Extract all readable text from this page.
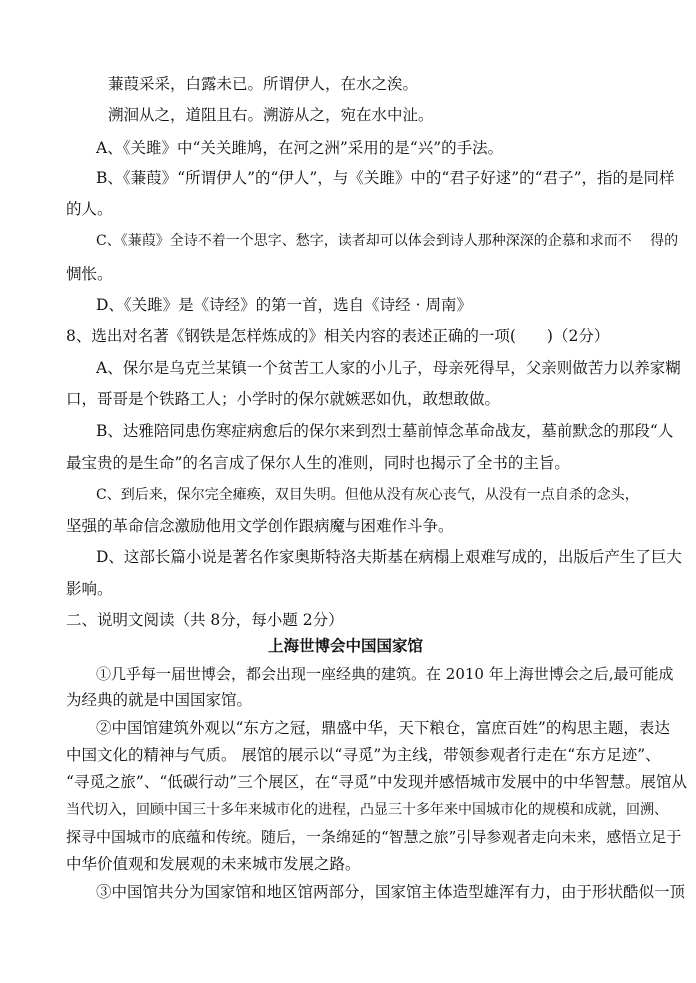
蒹葭采采，白露未已。所谓伊人，在水之涘。
溯洄从之，道阻且右。溯游从之，宛在水中沚。
A、《关雎》中“关关雎鸠，在河之洲”采用的是“兴”的手法。
B、《蒹葭》“所谓伊人”的“伊人”，与《关雎》中的“君子好逑”的“君子”，指的是同样
的人。
C、《蒹葭》全诗不着一个思字、愁字，读者却可以体会到诗人那种深深的企慕和求而不　 得的
惆怅。
D、《关雎》是《诗经》的第一首，选自《诗经 · 周南》
8、选出对名著《钢铁是怎样炼成的》相关内容的表述正确的一项(　　)（2分）
A、保尔是乌克兰某镇一个贫苦工人家的小儿子，母亲死得早，父亲则做苦力以养家糊
口，哥哥是个铁路工人；小学时的保尔就嫉恶如仇，敢想敢做。
B、达雅陪同患伤寒症病愈后的保尔来到烈士墓前悼念革命战友，墓前默念的那段“人
最宝贵的是生命”的名言成了保尔人生的准则，同时也揭示了全书的主旨。
C、到后来，保尔完全瘫痪，双目失明。但他从没有灰心丧气，从没有一点自杀的念头，
坚强的革命信念激励他用文学创作跟病魔与困难作斗争。
D、这部长篇小说是著名作家奥斯特洛夫斯基在病榻上艰难写成的，出版后产生了巨大
影响。
二、说明文阅读（共 8分，每小题 2分）
上海世博会中国国家馆
①几乎每一届世博会，都会出现一座经典的建筑。在 2010 年上海世博会之后,最可能成
为经典的就是中国国家馆。
②中国馆建筑外观以“东方之冠，鼎盛中华，天下粮仓，富庶百姓”的构思主题，表达
中国文化的精神与气质。 展馆的展示以“寻觅”为主线，带领参观者行走在“东方足迹”、
“寻觅之旅”、“低碳行动”三个展区，在“寻觅”中发现并感悟城市发展中的中华智慧。展馆从
当代切入，回顾中国三十多年来城市化的进程，凸显三十多年来中国城市化的规模和成就，回溯、
探寻中国城市的底蕴和传统。随后，一条绵延的“智慧之旅”引导参观者走向未来，感悟立足于
中华价值观和发展观的未来城市发展之路。
③中国馆共分为国家馆和地区馆两部分，国家馆主体造型雄浑有力，由于形状酷似一顶
